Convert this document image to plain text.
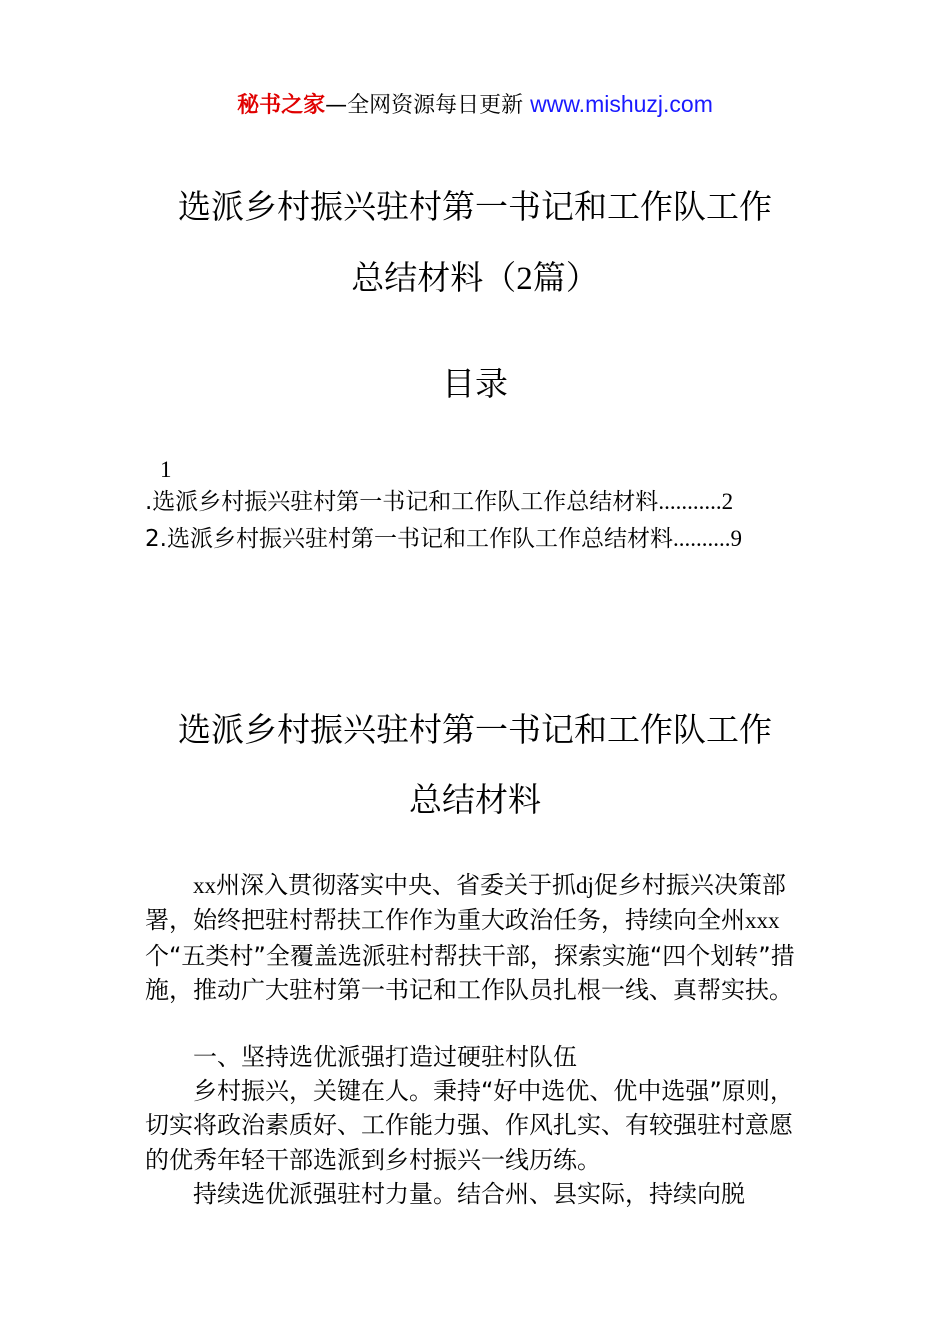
秘书之家—全网资源每日更新 www.mishuzj.com
选派乡村振兴驻村第一书记和工作队工作
总结材料（2篇）
目录
1
.选派乡村振兴驻村第一书记和工作队工作总结材料...........2
2.选派乡村振兴驻村第一书记和工作队工作总结材料..........9
选派乡村振兴驻村第一书记和工作队工作
总结材料
xx州深入贯彻落实中央、省委关于抓dj促乡村振兴决策部署，始终把驻村帮扶工作作为重大政治任务，持续向全州xxx个“五类村”全覆盖选派驻村帮扶干部，探索实施“四个划转”措施，推动广大驻村第一书记和工作队员扎根一线、真帮实扶。
一、坚持选优派强打造过硬驻村队伍
乡村振兴，关键在人。秉持“好中选优、优中选强”原则，切实将政治素质好、工作能力强、作风扎实、有较强驻村意愿的优秀年轻干部选派到乡村振兴一线历练。
持续选优派强驻村力量。结合州、县实际，持续向脱
